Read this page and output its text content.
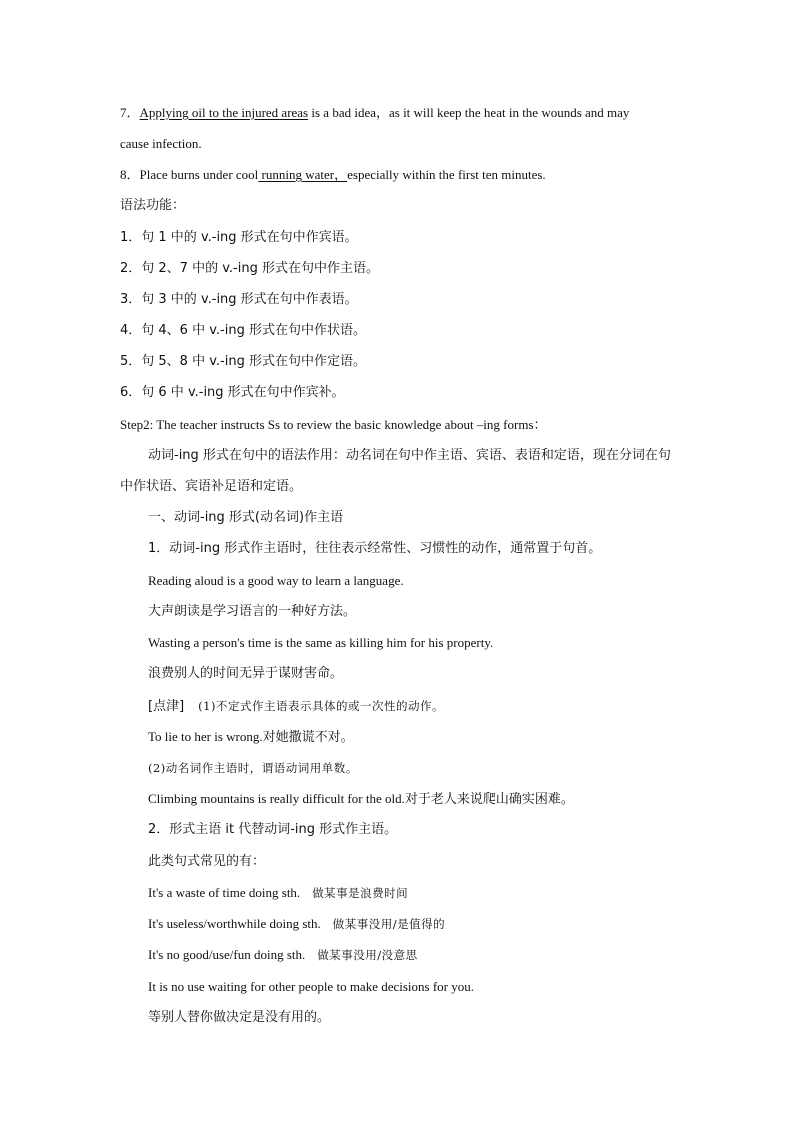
7．Applying oil to the injured areas is a bad idea，as it will keep the heat in the wounds and may
cause infection.
8．Place burns under cool running water，especially within the first ten minutes.
语法功能：
1．句 1 中的 v.-ing 形式在句中作宾语。
2．句 2、7 中的 v.-ing 形式在句中作主语。
3．句 3 中的 v.-ing 形式在句中作表语。
4．句 4、6 中 v.-ing 形式在句中作状语。
5．句 5、8 中 v.-ing 形式在句中作定语。
6．句 6 中 v.-ing 形式在句中作宾补。
Step2: The teacher instructs Ss to review the basic knowledge about –ing forms：
动词-ing 形式在句中的语法作用：动名词在句中作主语、宾语、表语和定语，现在分词在句
中作状语、宾语补足语和定语。
一、动词-ing 形式(动名词)作主语
1．动词-ing 形式作主语时，往往表示经常性、习惯性的动作，通常置于句首。
Reading aloud is a good way to learn a language.
大声朗读是学习语言的一种好方法。
Wasting a person's time is the same as killing him for his property.
浪费别人的时间无异于谋财害命。
[点津] (1)不定式作主语表示具体的或一次性的动作。
To lie to her is wrong.对她撒谎不对。
(2)动名词作主语时，谓语动词用单数。
Climbing mountains is really difficult for the old.对于老人来说爬山确实困难。
2．形式主语 it 代替动词-ing 形式作主语。
此类句式常见的有：
It's a waste of time doing sth. 做某事是浪费时间
It's useless/worthwhile doing sth. 做某事没用/是值得的
It's no good/use/fun doing sth. 做某事没用/没意思
It is no use waiting for other people to make decisions for you.
等别人替你做决定是没有用的。
